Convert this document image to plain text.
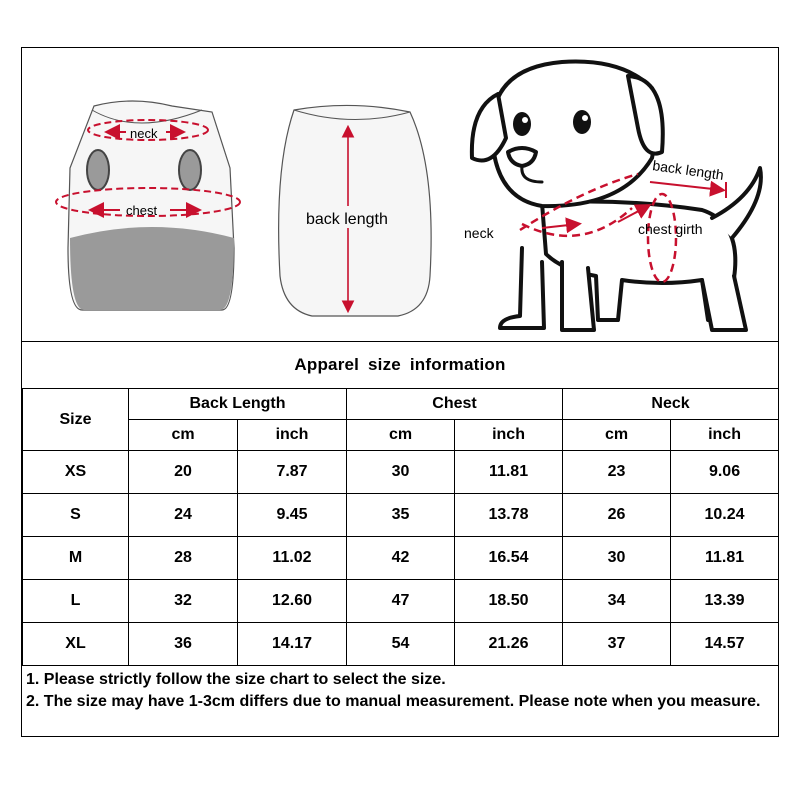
neck
chest
back length
back length
neck	chest girth
Apparel size information
Size	Back Length		Chest		Neck	
	cm	inch	cm	inch	cm	inch
XS	20	7.87	30	11.81	23	9.06
S	24	9.45	35	13.78	26	10.24
M	28	11.02	42	16.54	30	11.81
L	32	12.60	47	18.50	34	13.39
XL	36	14.17	54	21.26	37	14.57
1. Please strictly follow the size chart to select the size.
2. The size may have 1-3cm differs due to manual measurement. Please note when you measure.
